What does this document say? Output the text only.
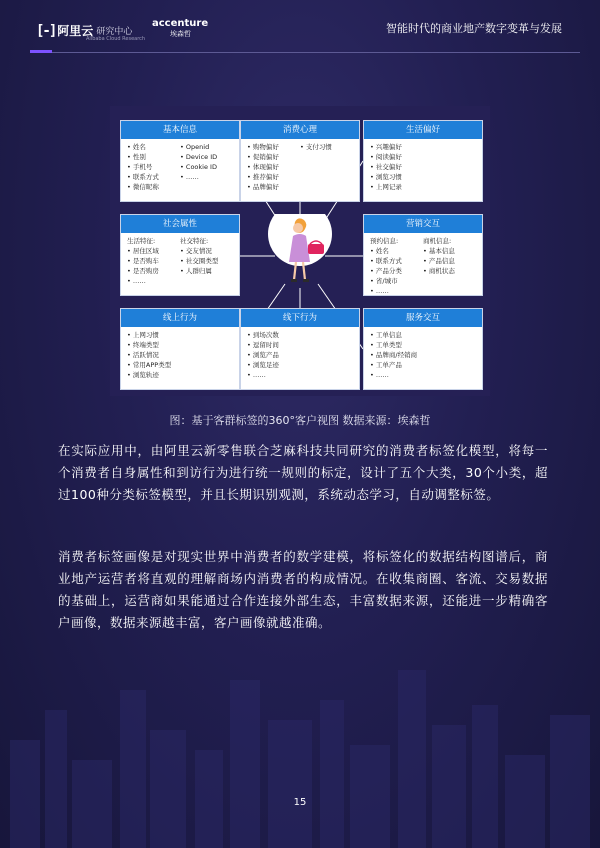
[-] 阿里云 研究中心
Alibaba Cloud Research
accenture
埃森哲	智能时代的商业地产数字变革与发展
基本信息
• 姓名
• 性别
• 手机号
• 联系方式
• 微信昵称
• Openid
• Device ID
• Cookie ID
• ……
消费心理
• 购物偏好
• 促销偏好
• 体现偏好
• 推荐偏好
• 品牌偏好
• 支付习惯
生活偏好
• 兴趣偏好
• 阅读偏好
• 社交偏好
• 浏览习惯
• 上网记录
社会属性
生活特征:
• 居住区域
• 是否购车
• 是否购房
• ……
社交特征:
• 交友情况
• 社交圈类型
• 人群归属
营销交互
预约信息:
• 姓名
• 联系方式
• 产品分类
• 省/城市
• ……
商机信息:
• 基本信息
• 产品信息
• 商机状态
线上行为
• 上网习惯
• 终端类型
• 活跃情况
• 常用APP类型
• 浏览轨迹
线下行为
• 到场次数
• 逗留时间
• 浏览产品
• 浏览足迹
• ……
服务交互
• 工单信息
• 工单类型
• 品牌商/经销商
• 工单产品
• ……
图：基于客群标签的360°客户视图 数据来源：埃森哲
在实际应用中，由阿里云新零售联合芝麻科技共同研究的消费者标签化模型，将每一个消费者自身属性和到访行为进行统一规则的标定，设计了五个大类，30个小类，超过100种分类标签模型，并且长期识别观测，系统动态学习，自动调整标签。
消费者标签画像是对现实世界中消费者的数学建模，将标签化的数据结构图谱后，商业地产运营者将直观的理解商场内消费者的构成情况。在收集商圈、客流、交易数据的基础上，运营商如果能通过合作连接外部生态，丰富数据来源，还能进一步精确客户画像，数据来源越丰富，客户画像就越准确。
15
